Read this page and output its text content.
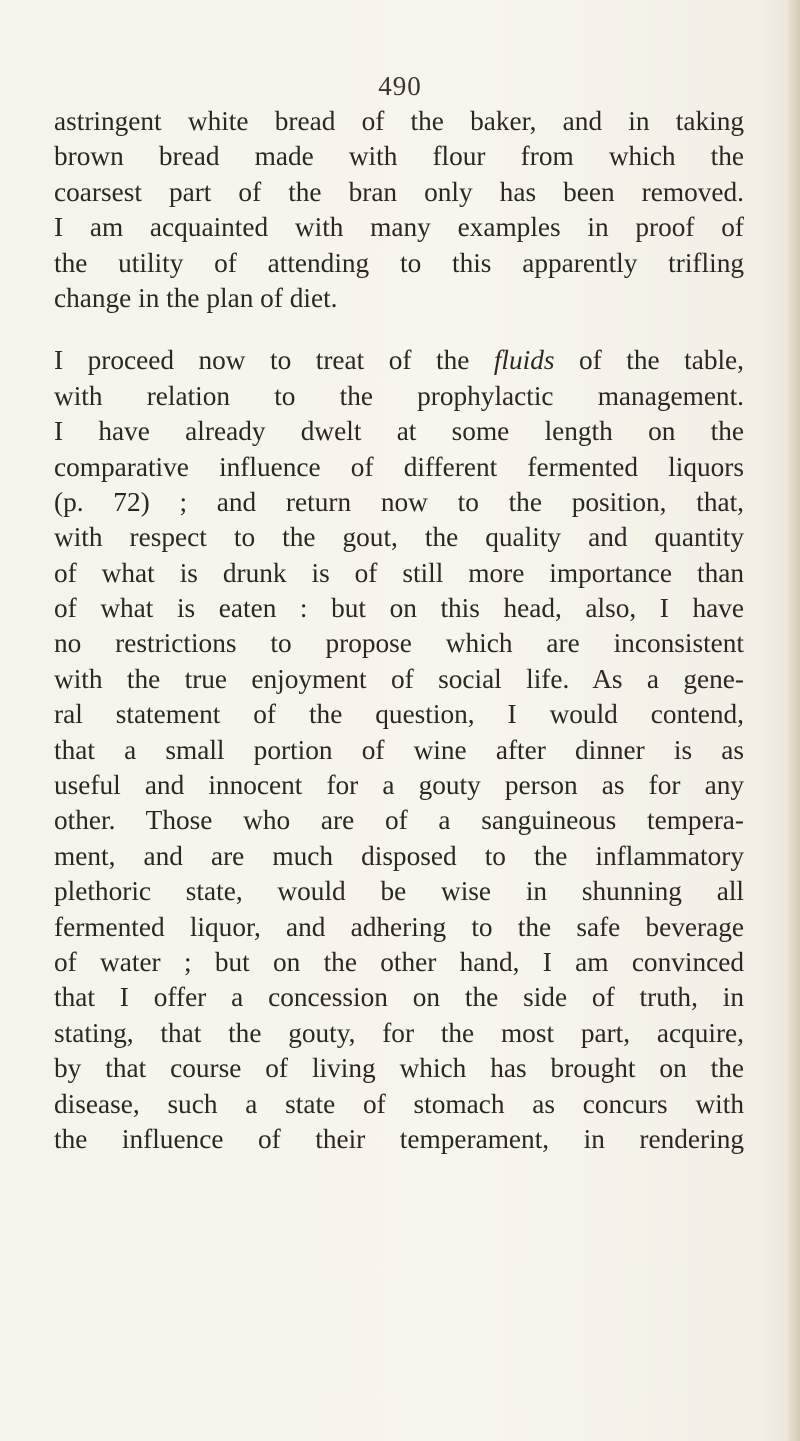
490
astringent white bread of the baker, and in taking
brown bread made with flour from which the
coarsest part of the bran only has been removed.
I am acquainted with many examples in proof of
the utility of attending to this apparently trifling
change in the plan of diet.
I proceed now to treat of the fluids of the table,
with relation to the prophylactic management.
I have already dwelt at some length on the
comparative influence of different fermented liquors
(p. 72) ; and return now to the position, that,
with respect to the gout, the quality and quantity
of what is drunk is of still more importance than
of what is eaten : but on this head, also, I have
no restrictions to propose which are inconsistent
with the true enjoyment of social life. As a gene-
ral statement of the question, I would contend,
that a small portion of wine after dinner is as
useful and innocent for a gouty person as for any
other. Those who are of a sanguineous tempera-
ment, and are much disposed to the inflammatory
plethoric state, would be wise in shunning all
fermented liquor, and adhering to the safe beverage
of water ; but on the other hand, I am convinced
that I offer a concession on the side of truth, in
stating, that the gouty, for the most part, acquire,
by that course of living which has brought on the
disease, such a state of stomach as concurs with
the influence of their temperament, in rendering
